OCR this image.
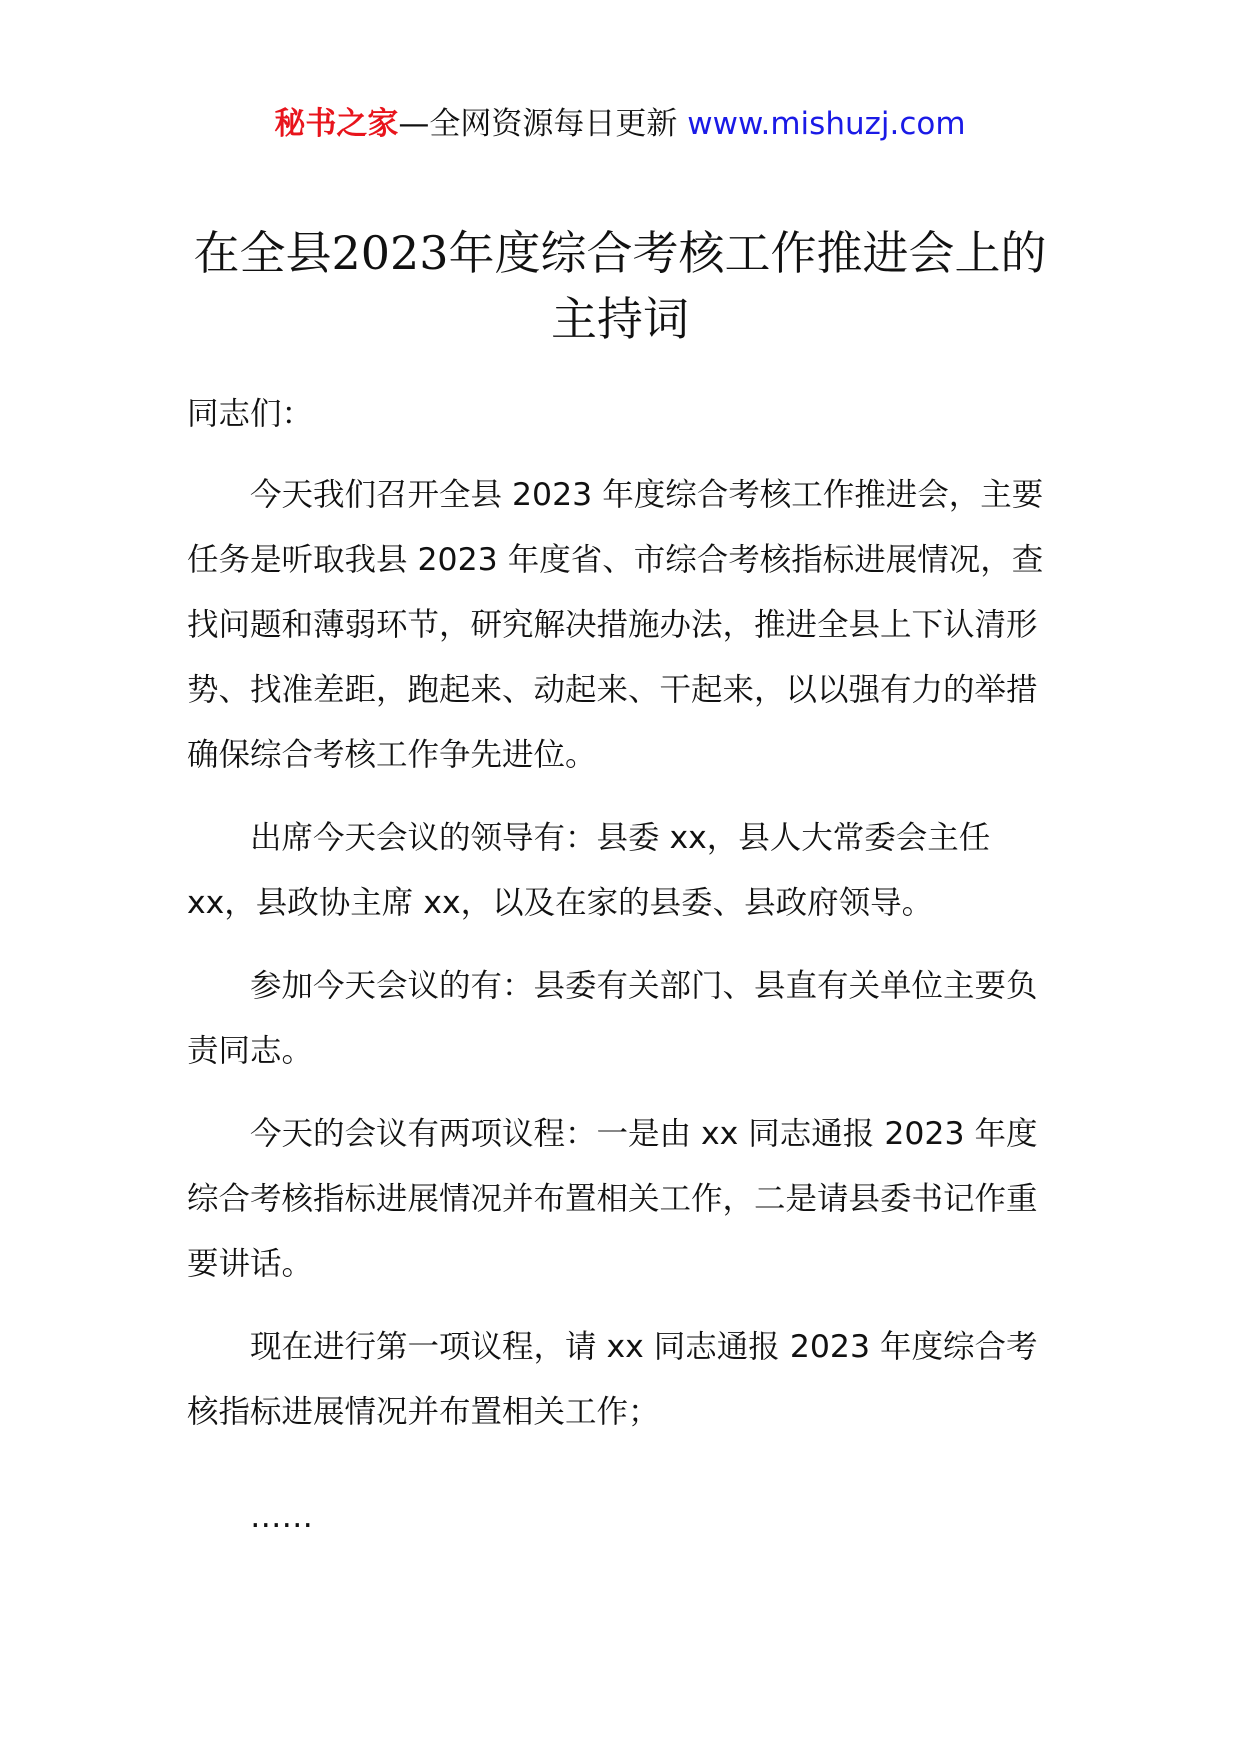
秘书之家—全网资源每日更新 www.mishuzj.com
在全县2023年度综合考核工作推进会上的主持词

同志们：

今天我们召开全县 2023 年度综合考核工作推进会，主要任务是听取我县 2023 年度省、市综合考核指标进展情况，查找问题和薄弱环节，研究解决措施办法，推进全县上下认清形势、找准差距，跑起来、动起来、干起来，以以强有力的举措确保综合考核工作争先进位。

出席今天会议的领导有：县委 xx，县人大常委会主任 xx，县政协主席 xx，以及在家的县委、县政府领导。

参加今天会议的有：县委有关部门、县直有关单位主要负责同志。

今天的会议有两项议程：一是由 xx 同志通报 2023 年度综合考核指标进展情况并布置相关工作，二是请县委书记作重要讲话。

现在进行第一项议程，请 xx 同志通报 2023 年度综合考核指标进展情况并布置相关工作；

……
